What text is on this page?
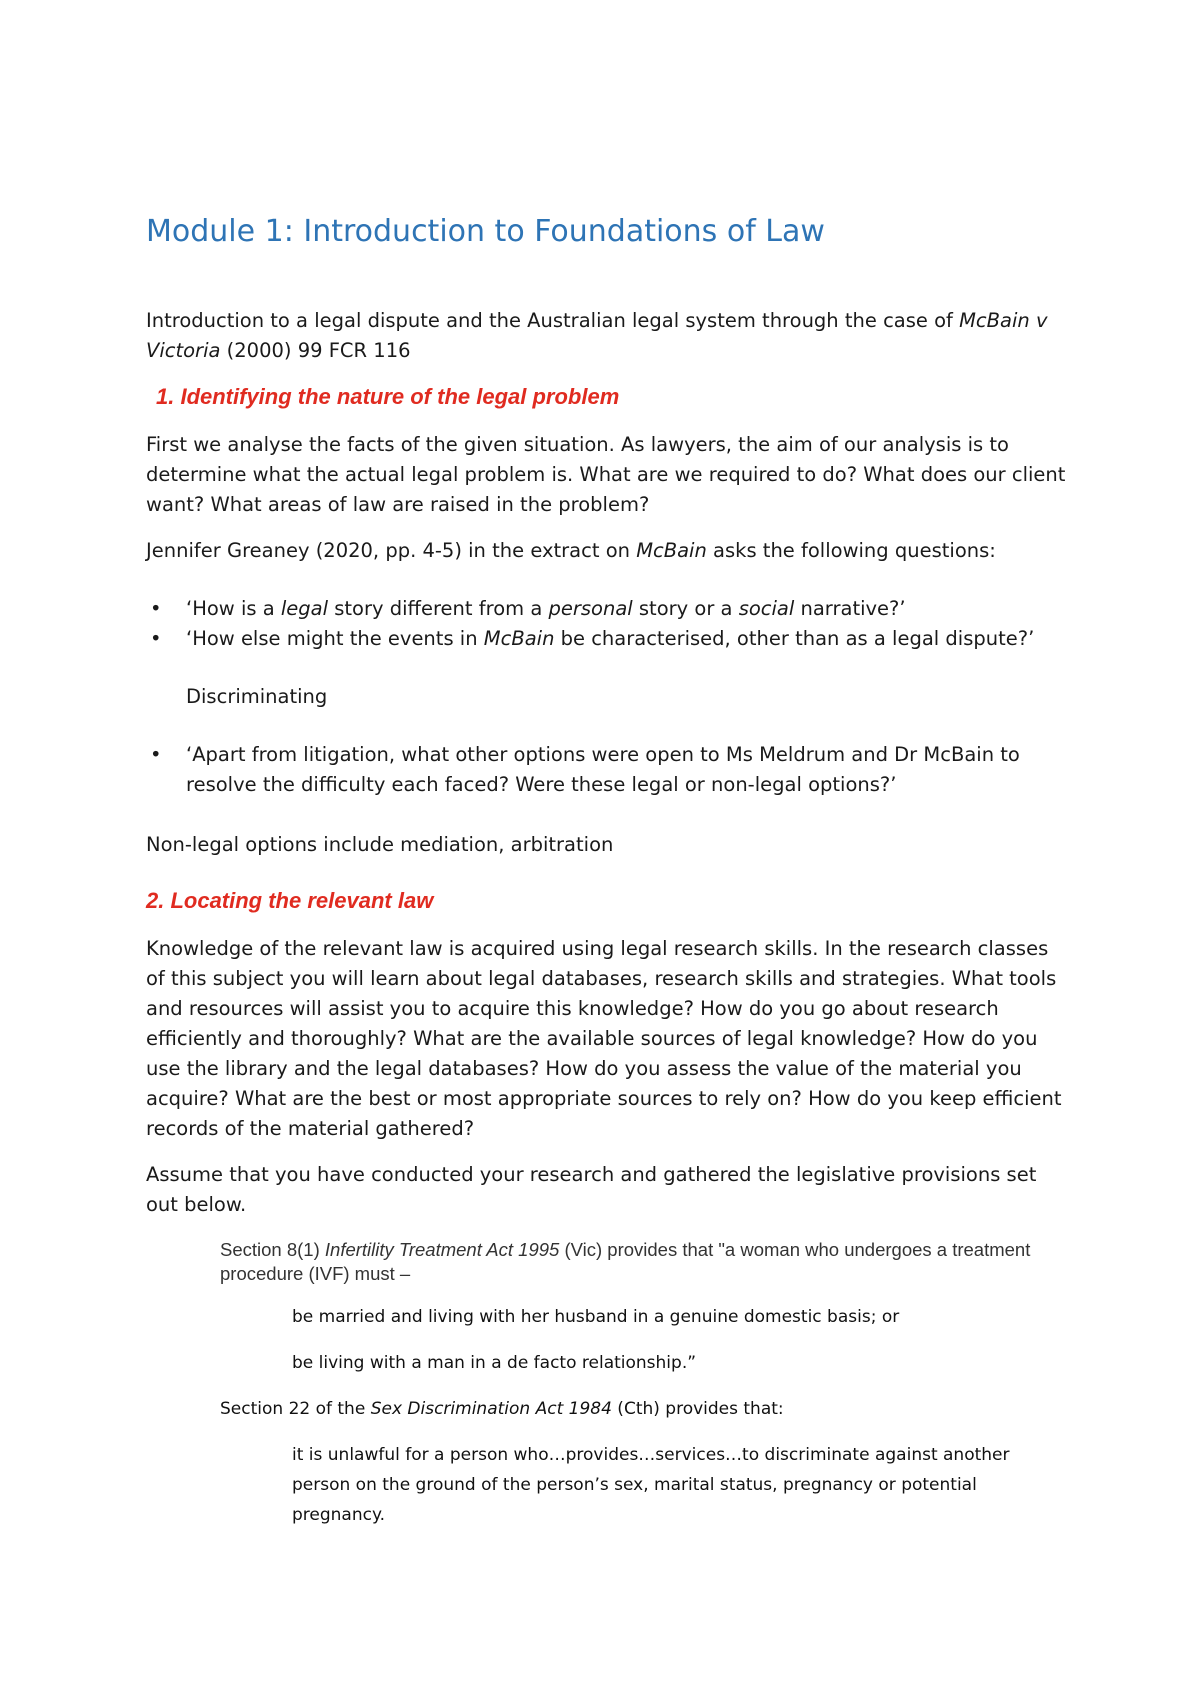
Module 1: Introduction to Foundations of Law

Introduction to a legal dispute and the Australian legal system through the case of McBain v Victoria (2000) 99 FCR 116

1. Identifying the nature of the legal problem

First we analyse the facts of the given situation. As lawyers, the aim of our analysis is to determine what the actual legal problem is. What are we required to do? What does our client want? What areas of law are raised in the problem?

Jennifer Greaney (2020, pp. 4-5) in the extract on McBain asks the following questions:

• ‘How is a legal story different from a personal story or a social narrative?’
• ‘How else might the events in McBain be characterised, other than as a legal dispute?’

Discriminating

• ‘Apart from litigation, what other options were open to Ms Meldrum and Dr McBain to resolve the difficulty each faced? Were these legal or non-legal options?’

Non-legal options include mediation, arbitration

2. Locating the relevant law

Knowledge of the relevant law is acquired using legal research skills. In the research classes of this subject you will learn about legal databases, research skills and strategies. What tools and resources will assist you to acquire this knowledge? How do you go about research efficiently and thoroughly? What are the available sources of legal knowledge? How do you use the library and the legal databases? How do you assess the value of the material you acquire? What are the best or most appropriate sources to rely on? How do you keep efficient records of the material gathered?

Assume that you have conducted your research and gathered the legislative provisions set out below.

Section 8(1) Infertility Treatment Act 1995 (Vic) provides that "a woman who undergoes a treatment procedure (IVF) must –

be married and living with her husband in a genuine domestic basis; or

be living with a man in a de facto relationship.”

Section 22 of the Sex Discrimination Act 1984 (Cth) provides that:

it is unlawful for a person who…provides…services…to discriminate against another person on the ground of the person’s sex, marital status, pregnancy or potential pregnancy.
